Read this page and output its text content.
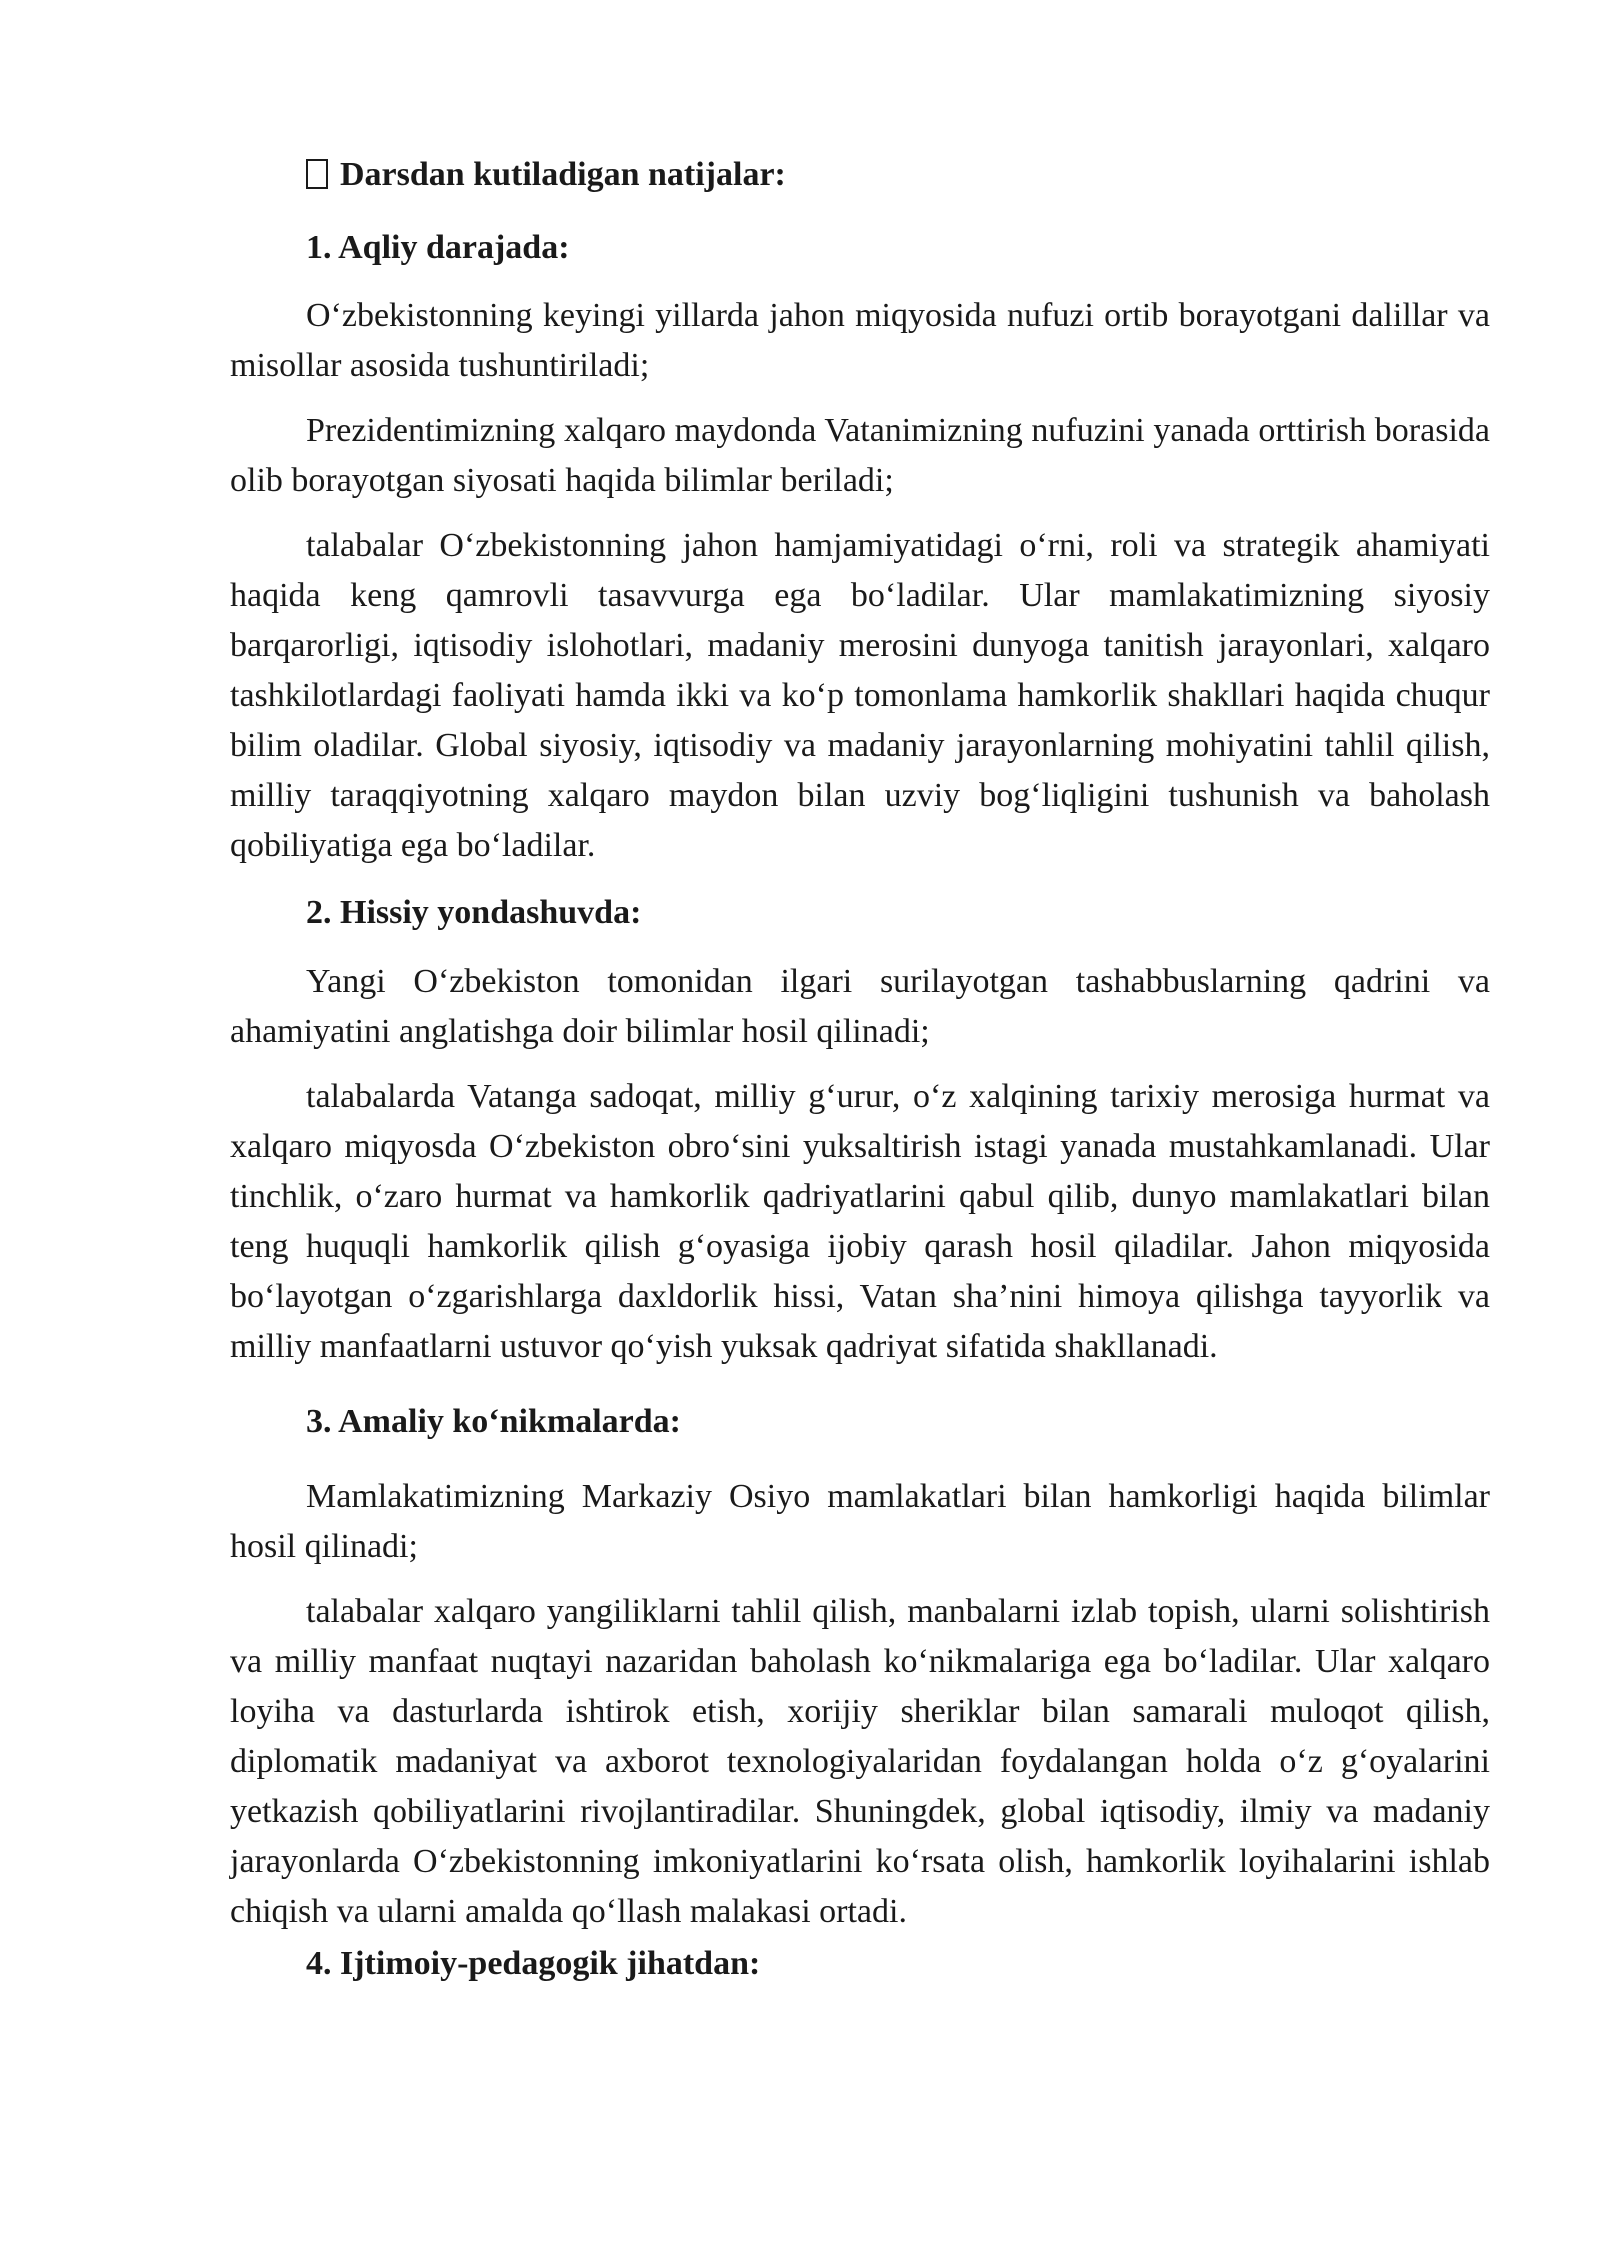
Darsdan kutiladigan natijalar:

1. Aqliy darajada:

O‘zbekistonning keyingi yillarda jahon miqyosida nufuzi ortib borayotgani dalillar va misollar asosida tushuntiriladi;

Prezidentimizning xalqaro maydonda Vatanimizning nufuzini yanada orttirish borasida olib borayotgan siyosati haqida bilimlar beriladi;

talabalar O‘zbekistonning jahon hamjamiyatidagi o‘rni, roli va strategik ahamiyati haqida keng qamrovli tasavvurga ega bo‘ladilar. Ular mamlakatimizning siyosiy barqarorligi, iqtisodiy islohotlari, madaniy merosini dunyoga tanitish jarayonlari, xalqaro tashkilotlardagi faoliyati hamda ikki va ko‘p tomonlama hamkorlik shakllari haqida chuqur bilim oladilar. Global siyosiy, iqtisodiy va madaniy jarayonlarning mohiyatini tahlil qilish, milliy taraqqiyotning xalqaro maydon bilan uzviy bog‘liqligini tushunish va baholash qobiliyatiga ega bo‘ladilar.

2. Hissiy yondashuvda:

Yangi O‘zbekiston tomonidan ilgari surilayotgan tashabbuslarning qadrini va ahamiyatini anglatishga doir bilimlar hosil qilinadi;

talabalarda Vatanga sadoqat, milliy g‘urur, o‘z xalqining tarixiy merosiga hurmat va xalqaro miqyosda O‘zbekiston obro‘sini yuksaltirish istagi yanada mustahkamlanadi. Ular tinchlik, o‘zaro hurmat va hamkorlik qadriyatlarini qabul qilib, dunyo mamlakatlari bilan teng huquqli hamkorlik qilish g‘oyasiga ijobiy qarash hosil qiladilar. Jahon miqyosida bo‘layotgan o‘zgarishlarga daxldorlik hissi, Vatan sha’nini himoya qilishga tayyorlik va milliy manfaatlarni ustuvor qo‘yish yuksak qadriyat sifatida shakllanadi.

3. Amaliy ko‘nikmalarda:

Mamlakatimizning Markaziy Osiyo mamlakatlari bilan hamkorligi haqida bilimlar hosil qilinadi;

talabalar xalqaro yangiliklarni tahlil qilish, manbalarni izlab topish, ularni solishtirish va milliy manfaat nuqtayi nazaridan baholash ko‘nikmalariga ega bo‘ladilar. Ular xalqaro loyiha va dasturlarda ishtirok etish, xorijiy sheriklar bilan samarali muloqot qilish, diplomatik madaniyat va axborot texnologiyalaridan foydalangan holda o‘z g‘oyalarini yetkazish qobiliyatlarini rivojlantiradilar. Shuningdek, global iqtisodiy, ilmiy va madaniy jarayonlarda O‘zbekistonning imkoniyatlarini ko‘rsata olish, hamkorlik loyihalarini ishlab chiqish va ularni amalda qo‘llash malakasi ortadi.

4. Ijtimoiy-pedagogik jihatdan:
